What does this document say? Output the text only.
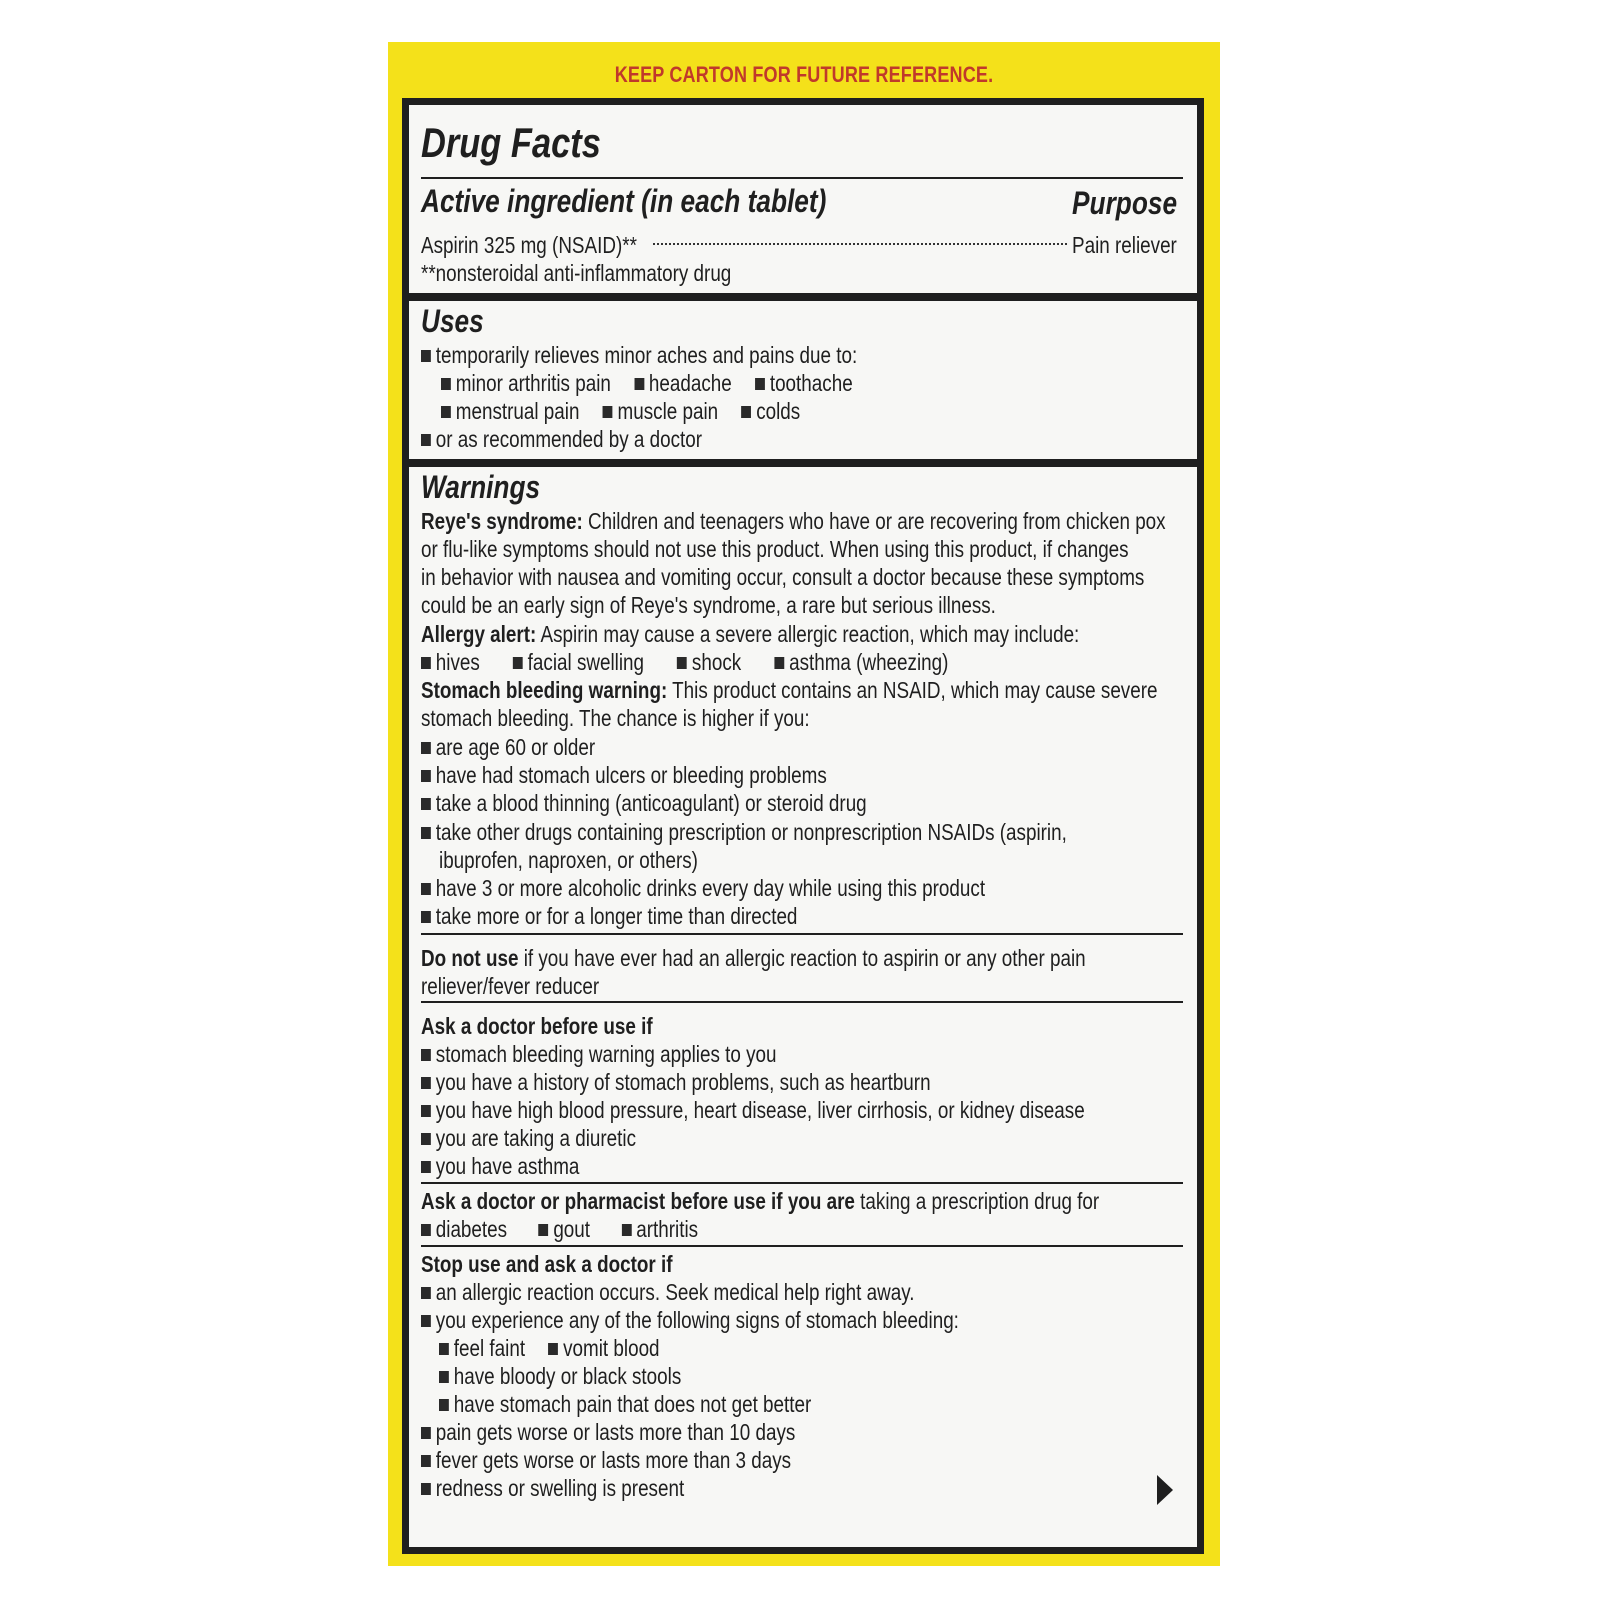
KEEP CARTON FOR FUTURE REFERENCE.
Drug Facts
Active ingredient (in each tablet)	Purpose
Aspirin 325 mg (NSAID)**	Pain reliever
**nonsteroidal anti-inflammatory drug
Uses
temporarily relieves minor aches and pains due to:
minor arthritis pain headache toothache
menstrual pain muscle pain colds
or as recommended by a doctor
Warnings
Reye's syndrome: Children and teenagers who have or are recovering from chicken pox
or flu-like symptoms should not use this product. When using this product, if changes
in behavior with nausea and vomiting occur, consult a doctor because these symptoms
could be an early sign of Reye's syndrome, a rare but serious illness.
Allergy alert: Aspirin may cause a severe allergic reaction, which may include:
hives facial swelling shock asthma (wheezing)
Stomach bleeding warning: This product contains an NSAID, which may cause severe
stomach bleeding. The chance is higher if you:
are age 60 or older
have had stomach ulcers or bleeding problems
take a blood thinning (anticoagulant) or steroid drug
take other drugs containing prescription or nonprescription NSAIDs (aspirin,
ibuprofen, naproxen, or others)
have 3 or more alcoholic drinks every day while using this product
take more or for a longer time than directed
Do not use if you have ever had an allergic reaction to aspirin or any other pain
reliever/fever reducer
Ask a doctor before use if
stomach bleeding warning applies to you
you have a history of stomach problems, such as heartburn
you have high blood pressure, heart disease, liver cirrhosis, or kidney disease
you are taking a diuretic
you have asthma
Ask a doctor or pharmacist before use if you are taking a prescription drug for
diabetes gout arthritis
Stop use and ask a doctor if
an allergic reaction occurs. Seek medical help right away.
you experience any of the following signs of stomach bleeding:
feel faint vomit blood
have bloody or black stools
have stomach pain that does not get better
pain gets worse or lasts more than 10 days
fever gets worse or lasts more than 3 days
redness or swelling is present
